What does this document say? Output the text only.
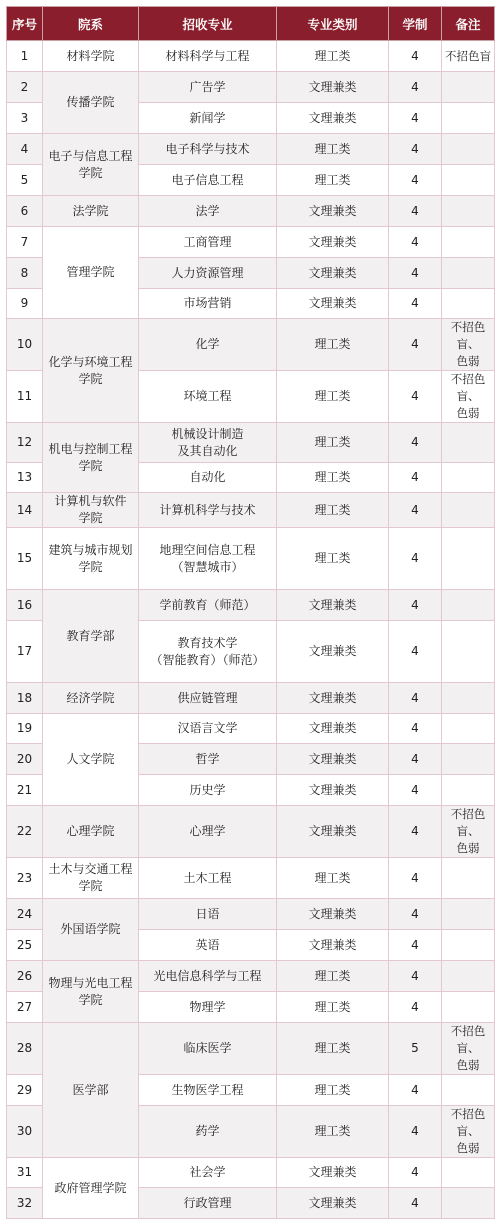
序号	院系	招收专业	专业类别	学制	备注
1	材料学院	材料科学与工程	理工类	4	不招色盲
2	传播学院	广告学	文理兼类	4	
3		新闻学	文理兼类	4	
4	电子与信息工程
学院	电子科学与技术	理工类	4	
5		电子信息工程	理工类	4	
6	法学院	法学	文理兼类	4	
7	管理学院	工商管理	文理兼类	4	
8		人力资源管理	文理兼类	4	
9		市场营销	文理兼类	4	
10	化学与环境工程
学院	化学	理工类	4	不招色盲、
色弱
11		环境工程	理工类	4	不招色盲、
色弱
12	机电与控制工程
学院	机械设计制造
及其自动化	理工类	4	
13		自动化	理工类	4	
14	计算机与软件
学院	计算机科学与技术	理工类	4	
15	建筑与城市规划
学院	地理空间信息工程
（智慧城市）	理工类	4	
16	教育学部	学前教育（师范）	文理兼类	4	
17		教育技术学
（智能教育）（师范）	文理兼类	4	
18	经济学院	供应链管理	文理兼类	4	
19	人文学院	汉语言文学	文理兼类	4	
20		哲学	文理兼类	4	
21		历史学	文理兼类	4	
22	心理学院	心理学	文理兼类	4	不招色盲、
色弱
23	土木与交通工程
学院	土木工程	理工类	4	
24	外国语学院	日语	文理兼类	4	
25		英语	文理兼类	4	
26	物理与光电工程
学院	光电信息科学与工程	理工类	4	
27		物理学	理工类	4	
28	医学部	临床医学	理工类	5	不招色盲、
色弱
29		生物医学工程	理工类	4	
30		药学	理工类	4	不招色盲、
色弱
31	政府管理学院	社会学	文理兼类	4	
32		行政管理	文理兼类	4	
